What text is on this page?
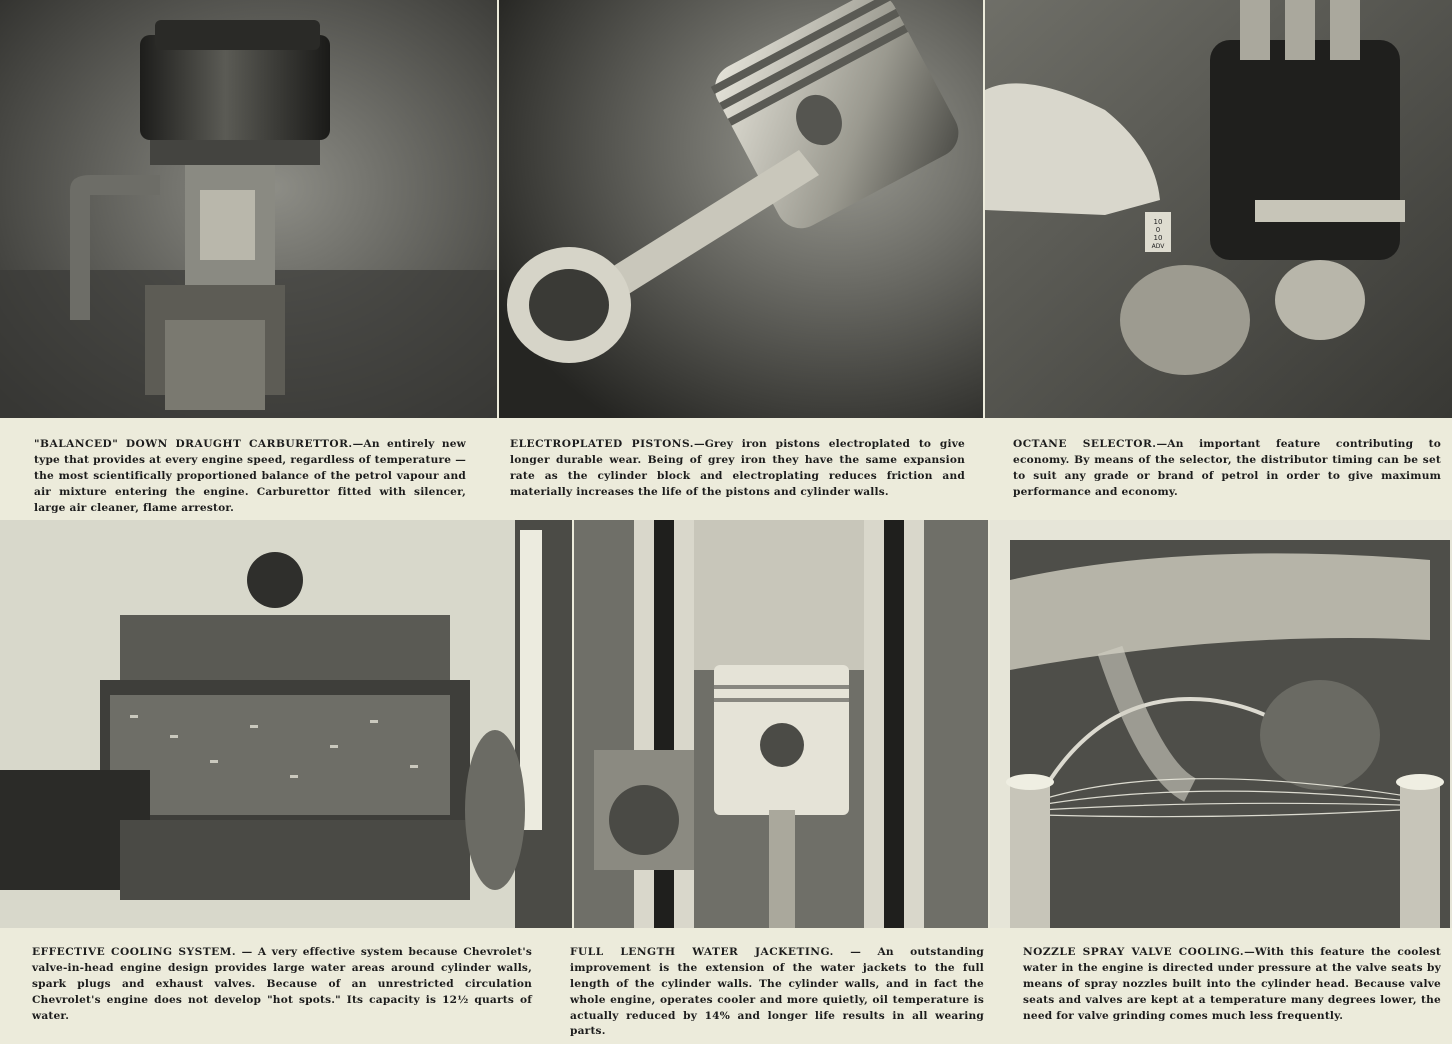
10
0
10
ADV

"BALANCED" DOWN DRAUGHT CARBURETTOR.—An entirely new type that provides at every engine speed, regardless of temperature — the most scientifically proportioned balance of the petrol vapour and air mixture entering the engine. Carburettor fitted with silencer, large air cleaner, flame arrestor.

ELECTROPLATED PISTONS.—Grey iron pistons electroplated to give longer durable wear. Being of grey iron they have the same expansion rate as the cylinder block and electroplating reduces friction and materially increases the life of the pistons and cylinder walls.

OCTANE SELECTOR.—An important feature contributing to economy. By means of the selector, the distributor timing can be set to suit any grade or brand of petrol in order to give maximum performance and economy.

EFFECTIVE COOLING SYSTEM. — A very effective system because Chevrolet's valve-in-head engine design provides large water areas around cylinder walls, spark plugs and exhaust valves. Because of an unrestricted circulation Chevrolet's engine does not develop "hot spots." Its capacity is 12½ quarts of water.

FULL LENGTH WATER JACKETING. — An outstanding improvement is the extension of the water jackets to the full length of the cylinder walls. The cylinder walls, and in fact the whole engine, operates cooler and more quietly, oil temperature is actually reduced by 14% and longer life results in all wearing parts.

NOZZLE SPRAY VALVE COOLING.—With this feature the coolest water in the engine is directed under pressure at the valve seats by means of spray nozzles built into the cylinder head. Because valve seats and valves are kept at a temperature many degrees lower, the need for valve grinding comes much less frequently.
